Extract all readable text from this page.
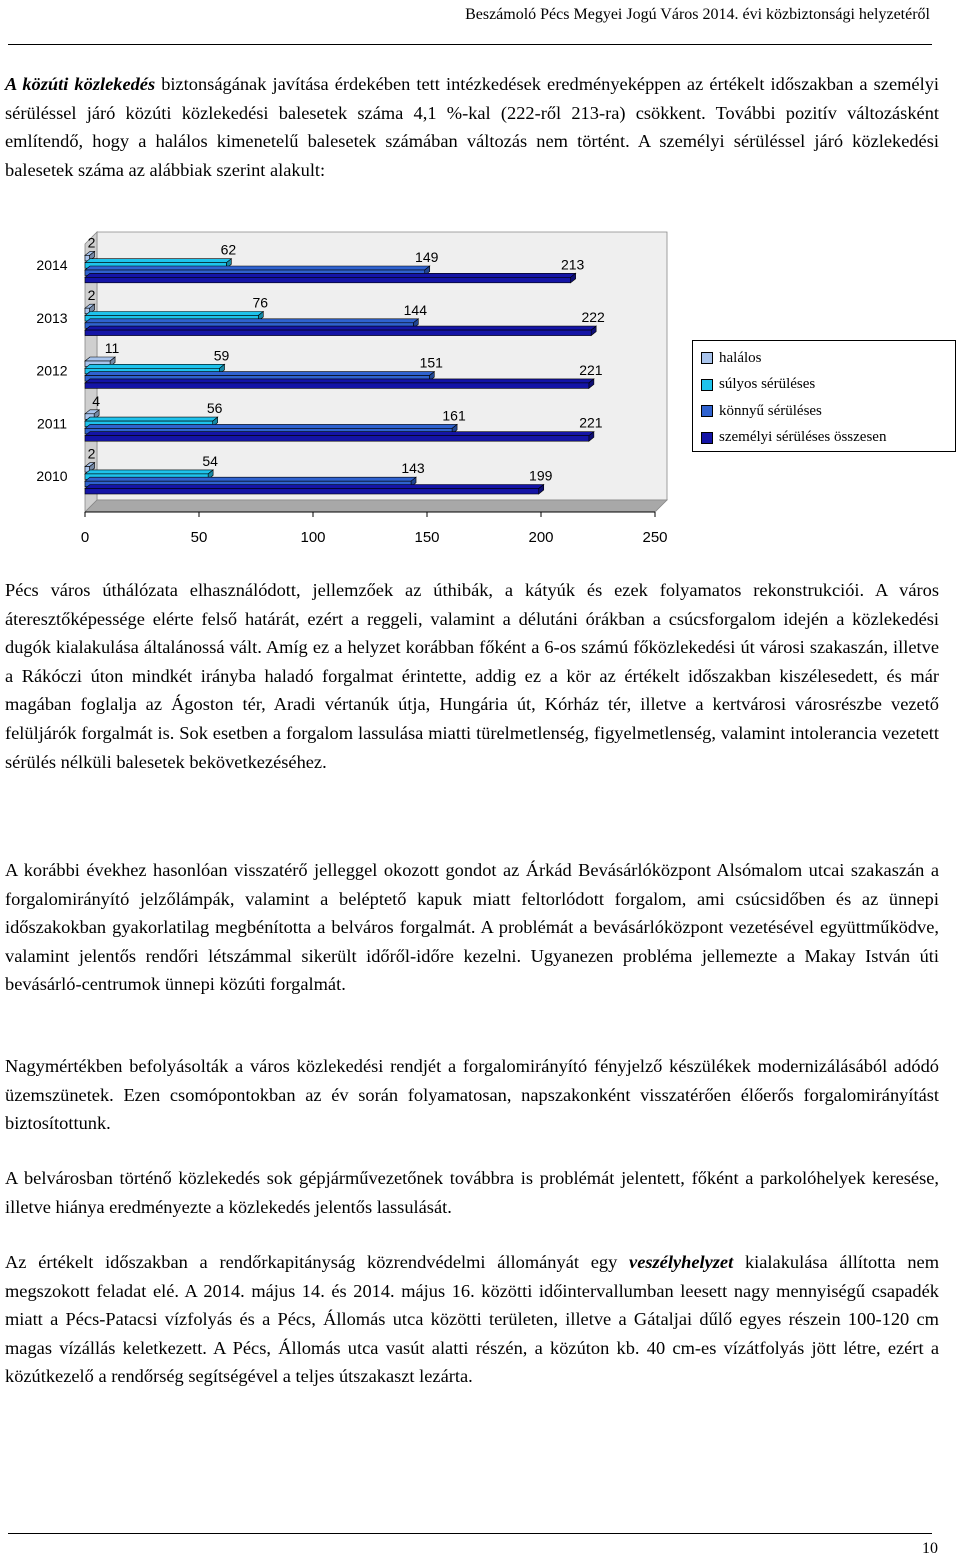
Beszámoló Pécs Megyei Jogú Város 2014. évi közbiztonsági helyzetéről

A közúti közlekedés biztonságának javítása érdekében tett intézkedések eredményeképpen az értékelt időszakban a személyi sérüléssel járó közúti közlekedési balesetek száma 4,1 %-kal (222-ről 213-ra) csökkent. További pozitív változásként említendő, hogy a halálos kimenetelű balesetek számában változás nem történt. A személyi sérüléssel járó közlekedési balesetek száma az alábbiak szerint alakult:

0	50	100	150	200	250
2014
2	62	149	213
2013
2	76	144	222
2012
11	59	151	221
2011
4	56	161	221
2010
2	54	143	199
halálos
súlyos sérüléses
könnyű sérüléses
személyi sérüléses összesen

Pécs város úthálózata elhasználódott, jellemzőek az úthibák, a kátyúk és ezek folyamatos rekonstrukciói. A város áteresztőképessége elérte felső határát, ezért a reggeli, valamint a délutáni órákban a csúcsforgalom idején a közlekedési dugók kialakulása általánossá vált. Amíg ez a helyzet korábban főként a 6-os számú főközlekedési út városi szakaszán, illetve a Rákóczi úton mindkét irányba haladó forgalmat érintette, addig ez a kör az értékelt időszakban kiszélesedett, és már magában foglalja az Ágoston tér, Aradi vértanúk útja, Hungária út, Kórház tér, illetve a kertvárosi városrészbe vezető felüljárók forgalmát is. Sok esetben a forgalom lassulása miatti türelmetlenség, figyelmetlenség, valamint intolerancia vezetett sérülés nélküli balesetek bekövetkezéséhez.

A korábbi évekhez hasonlóan visszatérő jelleggel okozott gondot az Árkád Bevásárlóközpont Alsómalom utcai szakaszán a forgalomirányító jelzőlámpák, valamint a beléptető kapuk miatt feltorlódott forgalom, ami csúcsidőben és az ünnepi időszakokban gyakorlatilag megbénította a belváros forgalmát. A problémát a bevásárlóközpont vezetésével együttműködve, valamint jelentős rendőri létszámmal sikerült időről-időre kezelni. Ugyanezen probléma jellemezte a Makay István úti bevásárló-centrumok ünnepi közúti forgalmát.

Nagymértékben befolyásolták a város közlekedési rendjét a forgalomirányító fényjelző készülékek modernizálásából adódó üzemszünetek. Ezen csomópontokban az év során folyamatosan, napszakonként visszatérően élőerős forgalomirányítást biztosítottunk.

A belvárosban történő közlekedés sok gépjárművezetőnek továbbra is problémát jelentett, főként a parkolóhelyek keresése, illetve hiánya eredményezte a közlekedés jelentős lassulását.

Az értékelt időszakban a rendőrkapitányság közrendvédelmi állományát egy veszélyhelyzet kialakulása állította nem megszokott feladat elé. A 2014. május 14. és 2014. május 16. közötti időintervallumban leesett nagy mennyiségű csapadék miatt a Pécs-Patacsi vízfolyás és a Pécs, Állomás utca közötti területen, illetve a Gátaljai dűlő egyes részein 100-120 cm magas vízállás keletkezett. A Pécs, Állomás utca vasút alatti részén, a közúton kb. 40 cm-es vízátfolyás jött létre, ezért a közútkezelő a rendőrség segítségével a teljes útszakaszt lezárta.

10
